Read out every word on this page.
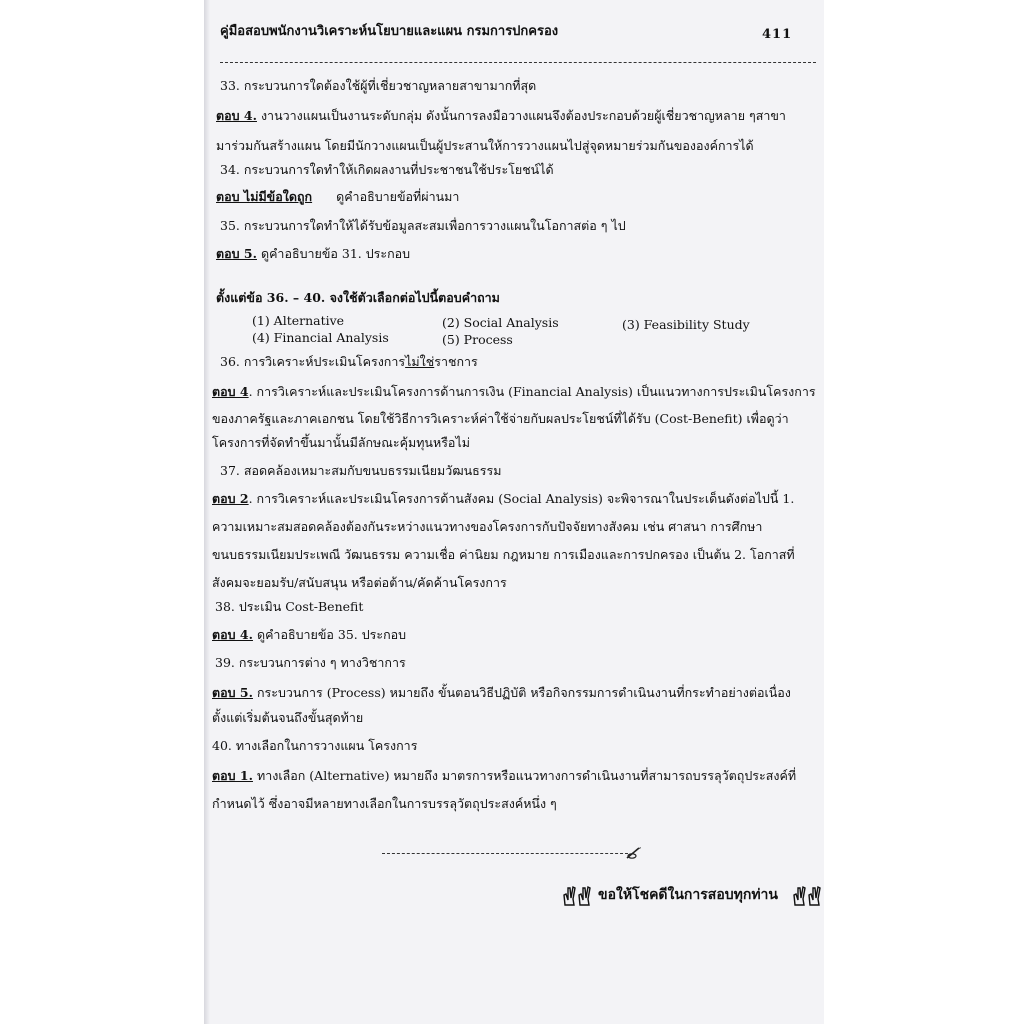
คู่มือสอบพนักงานวิเคราะห์นโยบายและแผน กรมการปกครอง	411
33. กระบวนการใดต้องใช้ผู้ที่เชี่ยวชาญหลายสาขามากที่สุด
ตอบ 4. งานวางแผนเป็นงานระดับกลุ่ม ดังนั้นการลงมือวางแผนจึงต้องประกอบด้วยผู้เชี่ยวชาญหลาย ๆสาขา
มาร่วมกันสร้างแผน โดยมีนักวางแผนเป็นผู้ประสานให้การวางแผนไปสู่จุดหมายร่วมกันขององค์การได้
34. กระบวนการใดทำให้เกิดผลงานที่ประชาชนใช้ประโยชน์ได้
ตอบ ไม่มีข้อใดถูก ดูคำอธิบายข้อที่ผ่านมา
35. กระบวนการใดทำให้ได้รับข้อมูลสะสมเพื่อการวางแผนในโอกาสต่อ ๆ ไป
ตอบ 5. ดูคำอธิบายข้อ 31. ประกอบ
ตั้งแต่ข้อ 36. – 40. จงใช้ตัวเลือกต่อไปนี้ตอบคำถาม
(1) Alternative	(2) Social Analysis	(3) Feasibility Study
(4) Financial Analysis	(5) Process
36. การวิเคราะห์ประเมินโครงการไม่ใช่ราชการ
ตอบ 4. การวิเคราะห์และประเมินโครงการด้านการเงิน (Financial Analysis) เป็นแนวทางการประเมินโครงการ
ของภาครัฐและภาคเอกชน โดยใช้วิธีการวิเคราะห์ค่าใช้จ่ายกับผลประโยชน์ที่ได้รับ (Cost-Benefit) เพื่อดูว่า
โครงการที่จัดทำขึ้นมานั้นมีลักษณะคุ้มทุนหรือไม่
37. สอดคล้องเหมาะสมกับขนบธรรมเนียมวัฒนธรรม
ตอบ 2. การวิเคราะห์และประเมินโครงการด้านสังคม (Social Analysis) จะพิจารณาในประเด็นดังต่อไปนี้ 1.
ความเหมาะสมสอดคล้องต้องกันระหว่างแนวทางของโครงการกับปัจจัยทางสังคม เช่น ศาสนา การศึกษา
ขนบธรรมเนียมประเพณี วัฒนธรรม ความเชื่อ ค่านิยม กฎหมาย การเมืองและการปกครอง เป็นต้น 2. โอกาสที่
สังคมจะยอมรับ/สนับสนุน หรือต่อต้าน/คัดค้านโครงการ
38. ประเมิน Cost-Benefit
ตอบ 4. ดูคำอธิบายข้อ 35. ประกอบ
39. กระบวนการต่าง ๆ ทางวิชาการ
ตอบ 5. กระบวนการ (Process) หมายถึง ขั้นตอนวิธีปฏิบัติ หรือกิจกรรมการดำเนินงานที่กระทำอย่างต่อเนื่อง
ตั้งแต่เริ่มต้นจนถึงขั้นสุดท้าย
40. ทางเลือกในการวางแผน โครงการ
ตอบ 1. ทางเลือก (Alternative) หมายถึง มาตรการหรือแนวทางการดำเนินงานที่สามารถบรรลุวัตถุประสงค์ที่
กำหนดไว้ ซึ่งอาจมีหลายทางเลือกในการบรรลุวัตถุประสงค์หนึ่ง ๆ
ขอให้โชคดีในการสอบทุกท่าน
